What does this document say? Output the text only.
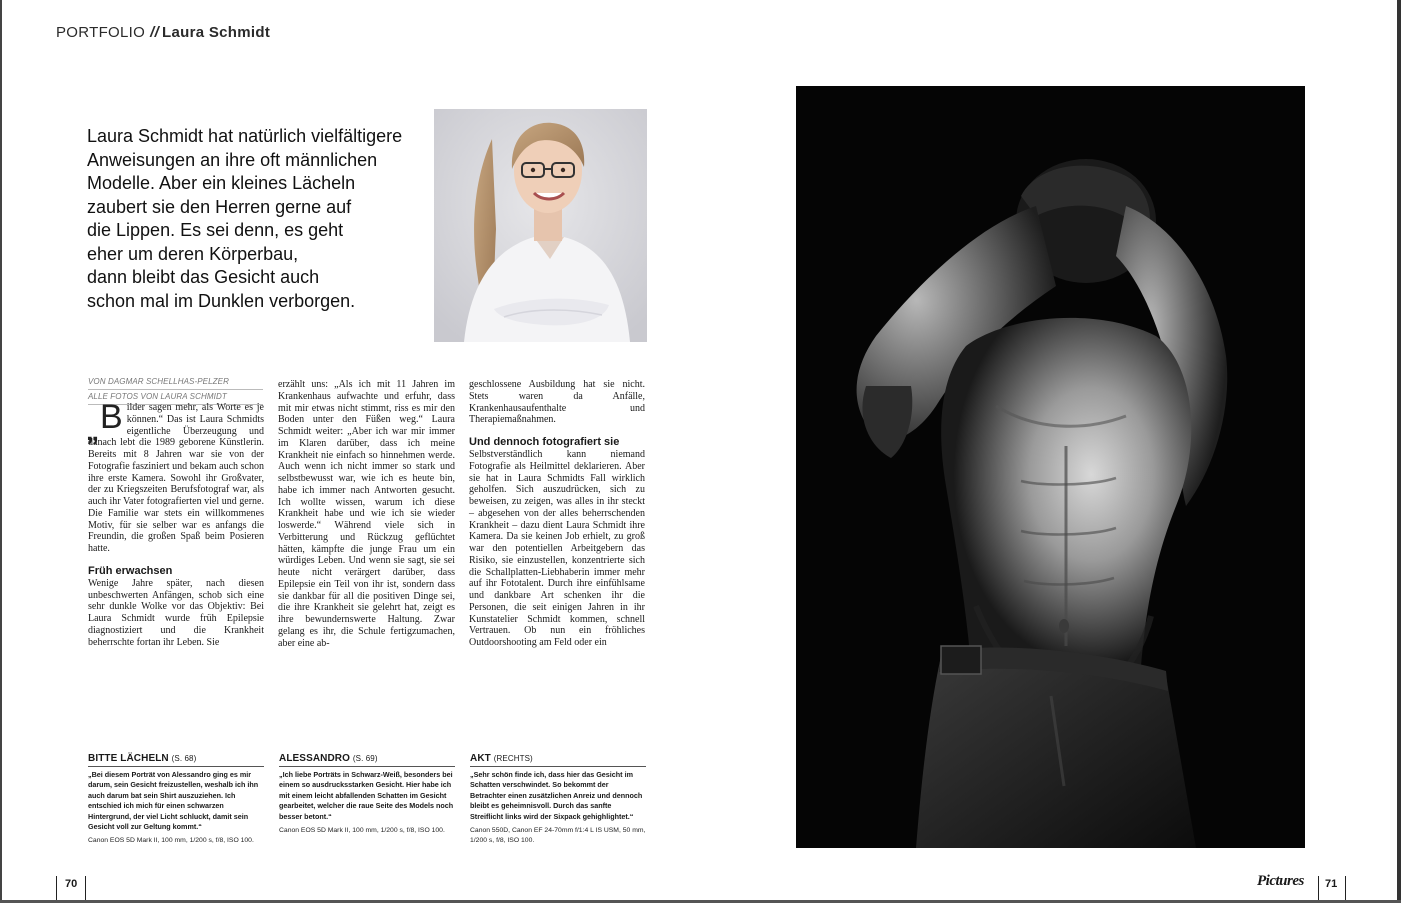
PORTFOLIO // Laura Schmidt
Laura Schmidt hat natürlich vielfältigere
Anweisungen an ihre oft männlichen
Modelle. Aber ein kleines Lächeln
zaubert sie den Herren gerne auf
die Lippen. Es sei denn, es geht
eher um deren Körperbau,
dann bleibt das Gesicht auch
schon mal im Dunklen verborgen.
VON DAGMAR SCHELLHAS-PELZER
ALLE FOTOS VON LAURA SCHMIDT

„B ilder sagen mehr, als Worte es je können.“ Das ist Laura Schmidts eigentliche Überzeugung und danach lebt die 1989 geborene Künstlerin. Bereits mit 8 Jahren war sie von der Fotografie fasziniert und bekam auch schon ihre erste Kamera. Sowohl ihr Großvater, der zu Kriegszeiten Berufsfotograf war, als auch ihr Vater fotografierten viel und gerne. Die Familie war stets ein willkommenes Motiv, für sie selber war es anfangs die Freundin, die großen Spaß beim Posieren hatte.

Früh erwachsen

Wenige Jahre später, nach diesen unbeschwerten Anfängen, schob sich eine sehr dunkle Wolke vor das Objektiv: Bei Laura Schmidt wurde früh Epilepsie diagnostiziert und die Krankheit beherrschte fortan ihr Leben. Sie

erzählt uns: „Als ich mit 11 Jahren im Krankenhaus aufwachte und erfuhr, dass mit mir etwas nicht stimmt, riss es mir den Boden unter den Füßen weg.“ Laura Schmidt weiter: „Aber ich war mir immer im Klaren darüber, dass ich meine Krankheit nie einfach so hinnehmen werde. Auch wenn ich nicht immer so stark und selbstbewusst war, wie ich es heute bin, habe ich immer nach Antworten gesucht. Ich wollte wissen, warum ich diese Krankheit habe und wie ich sie wieder loswerde.“ Während viele sich in Verbitterung und Rückzug geflüchtet hätten, kämpfte die junge Frau um ein würdiges Leben. Und wenn sie sagt, sie sei heute nicht verärgert darüber, dass Epilepsie ein Teil von ihr ist, sondern dass sie dankbar für all die positiven Dinge sei, die ihre Krankheit sie gelehrt hat, zeigt es ihre bewundernswerte Haltung. Zwar gelang es ihr, die Schule fertigzumachen, aber eine ab-

geschlossene Ausbildung hat sie nicht. Stets waren da Anfälle, Krankenhausaufenthalte und Therapiemaßnahmen.

Und dennoch fotografiert sie

Selbstverständlich kann niemand Fotografie als Heilmittel deklarieren. Aber sie hat in Laura Schmidts Fall wirklich geholfen. Sich auszudrücken, sich zu beweisen, zu zeigen, was alles in ihr steckt – abgesehen von der alles beherrschenden Krankheit – dazu dient Laura Schmidt ihre Kamera. Da sie keinen Job erhielt, zu groß war den potentiellen Arbeitgebern das Risiko, sie einzustellen, konzentrierte sich die Schallplatten-Liebhaberin immer mehr auf ihr Fototalent. Durch ihre einfühlsame und dankbare Art schenken ihr die Personen, die seit einigen Jahren in ihr Kunstatelier Schmidt kommen, schnell Vertrauen. Ob nun ein fröhliches Outdoorshooting am Feld oder ein

BITTE LÄCHELN (S. 68)
„Bei diesem Porträt von Alessandro ging es mir darum, sein Gesicht freizustellen, weshalb ich ihn auch darum bat sein Shirt auszuziehen. Ich entschied ich mich für einen schwarzen Hintergrund, der viel Licht schluckt, damit sein Gesicht voll zur Geltung kommt.“
Canon EOS 5D Mark II, 100 mm, 1/200 s, f/8, ISO 100.
ALESSANDRO (S. 69)
„Ich liebe Porträts in Schwarz-Weiß, besonders bei einem so ausdrucksstarken Gesicht. Hier habe ich mit einem leicht abfallenden Schatten im Gesicht gearbeitet, welcher die raue Seite des Models noch besser betont.“
Canon EOS 5D Mark II, 100 mm, 1/200 s, f/8, ISO 100.
AKT (RECHTS)
„Sehr schön finde ich, dass hier das Gesicht im Schatten verschwindet. So bekommt der Betrachter einen zusätzlichen Anreiz und dennoch bleibt es geheimnisvoll. Durch das sanfte Streiflicht links wird der Sixpack gehighlightet.“
Canon 550D, Canon EF 24-70mm f/1:4 L IS USM, 50 mm, 1/200 s, f/8, ISO 100.
70	Pictures 71
